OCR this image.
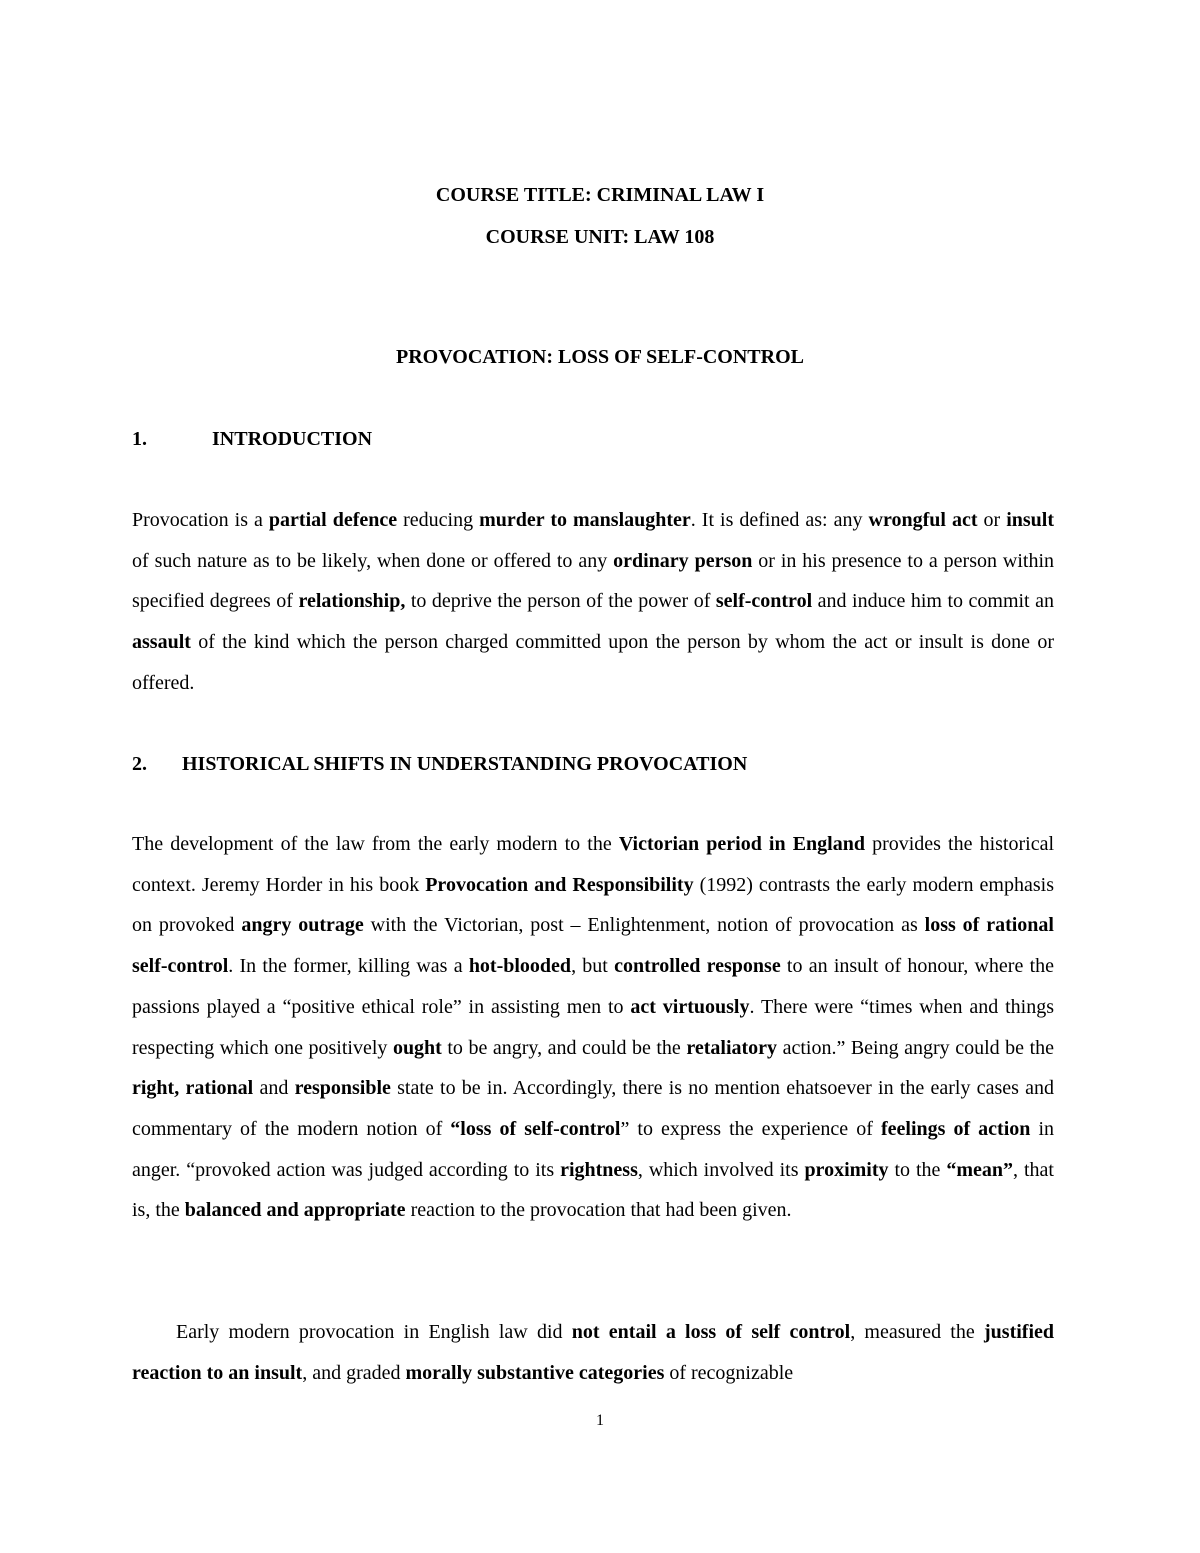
COURSE TITLE: CRIMINAL LAW I
COURSE UNIT: LAW 108
PROVOCATION: LOSS OF SELF-CONTROL
1.	INTRODUCTION

Provocation is a partial defence reducing murder to manslaughter. It is defined as: any wrongful act or insult of such nature as to be likely, when done or offered to any ordinary person or in his presence to a person within specified degrees of relationship, to deprive the person of the power of self-control and induce him to commit an assault of the kind which the person charged committed upon the person by whom the act or insult is done or offered.

2. HISTORICAL SHIFTS IN UNDERSTANDING PROVOCATION

The development of the law from the early modern to the Victorian period in England provides the historical context. Jeremy Horder in his book Provocation and Responsibility (1992) contrasts the early modern emphasis on provoked angry outrage with the Victorian, post – Enlightenment, notion of provocation as loss of rational self-control. In the former, killing was a hot-blooded, but controlled response to an insult of honour, where the passions played a “positive ethical role” in assisting men to act virtuously. There were “times when and things respecting which one positively ought to be angry, and could be the retaliatory action.” Being angry could be the right, rational and responsible state to be in. Accordingly, there is no mention ehatsoever in the early cases and commentary of the modern notion of “loss of self-control” to express the experience of feelings of action in anger. “provoked action was judged according to its rightness, which involved its proximity to the “mean”, that is, the balanced and appropriate reaction to the provocation that had been given.

Early modern provocation in English law did not entail a loss of self control, measured the justified reaction to an insult, and graded morally substantive categories of recognizable

1
